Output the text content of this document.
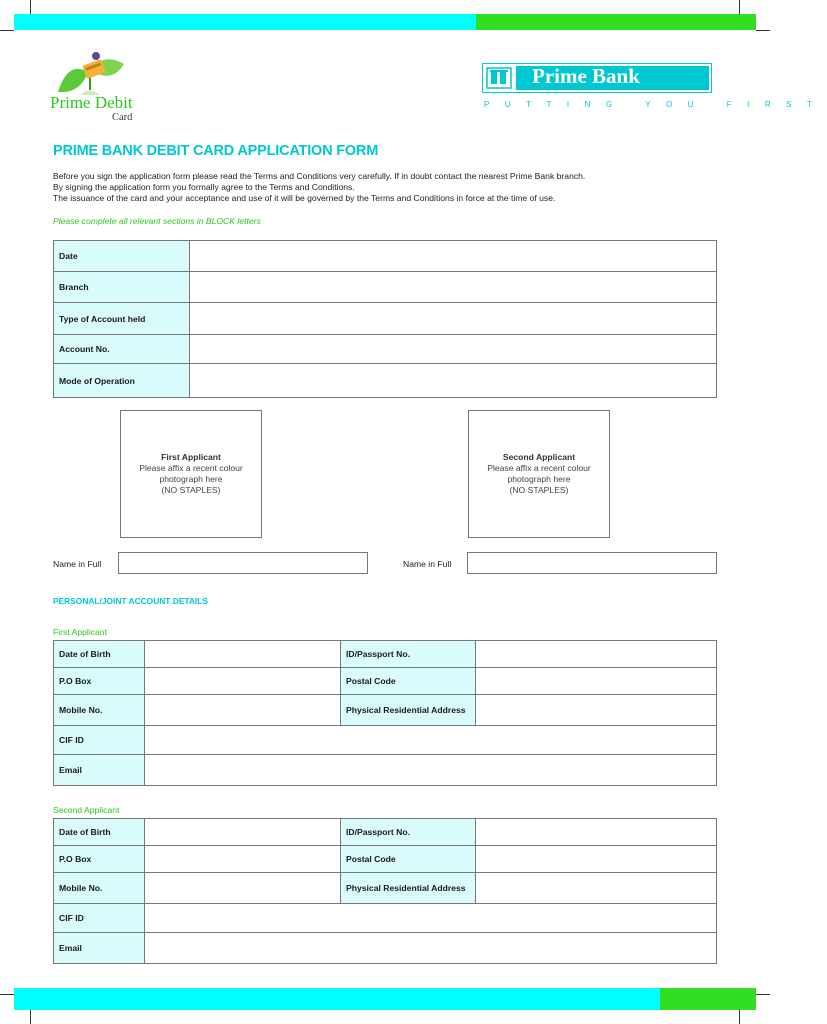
Prime Debit
Card
Prime Bank
PUTTING YOU FIRST
PRIME BANK DEBIT CARD APPLICATION FORM
Before you sign the application form please read the Terms and Conditions very carefully. If in doubt contact the nearest Prime Bank branch.
By signing the application form you formally agree to the Terms and Conditions.
The issuance of the card and your acceptance and use of it will be governed by the Terms and Conditions in force at the time of use.
Please complete all relevant sections in BLOCK letters
Date	
Branch	
Type of Account held	
Account No.	
Mode of Operation	
First Applicant
Please affix a recent colour
photograph here
(NO STAPLES)
Second Applicant
Please affix a recent colour
photograph here
(NO STAPLES)
Name in Full	Name in Full
PERSONAL/JOINT ACCOUNT DETAILS
First Applicant
Date of Birth		ID/Passport No.	
P.O Box		Postal Code	
Mobile No.		Physical Residential Address	
CIF ID			
Email			
Second Applicant
Date of Birth		ID/Passport No.	
P.O Box		Postal Code	
Mobile No.		Physical Residential Address	
CIF ID			
Email			
